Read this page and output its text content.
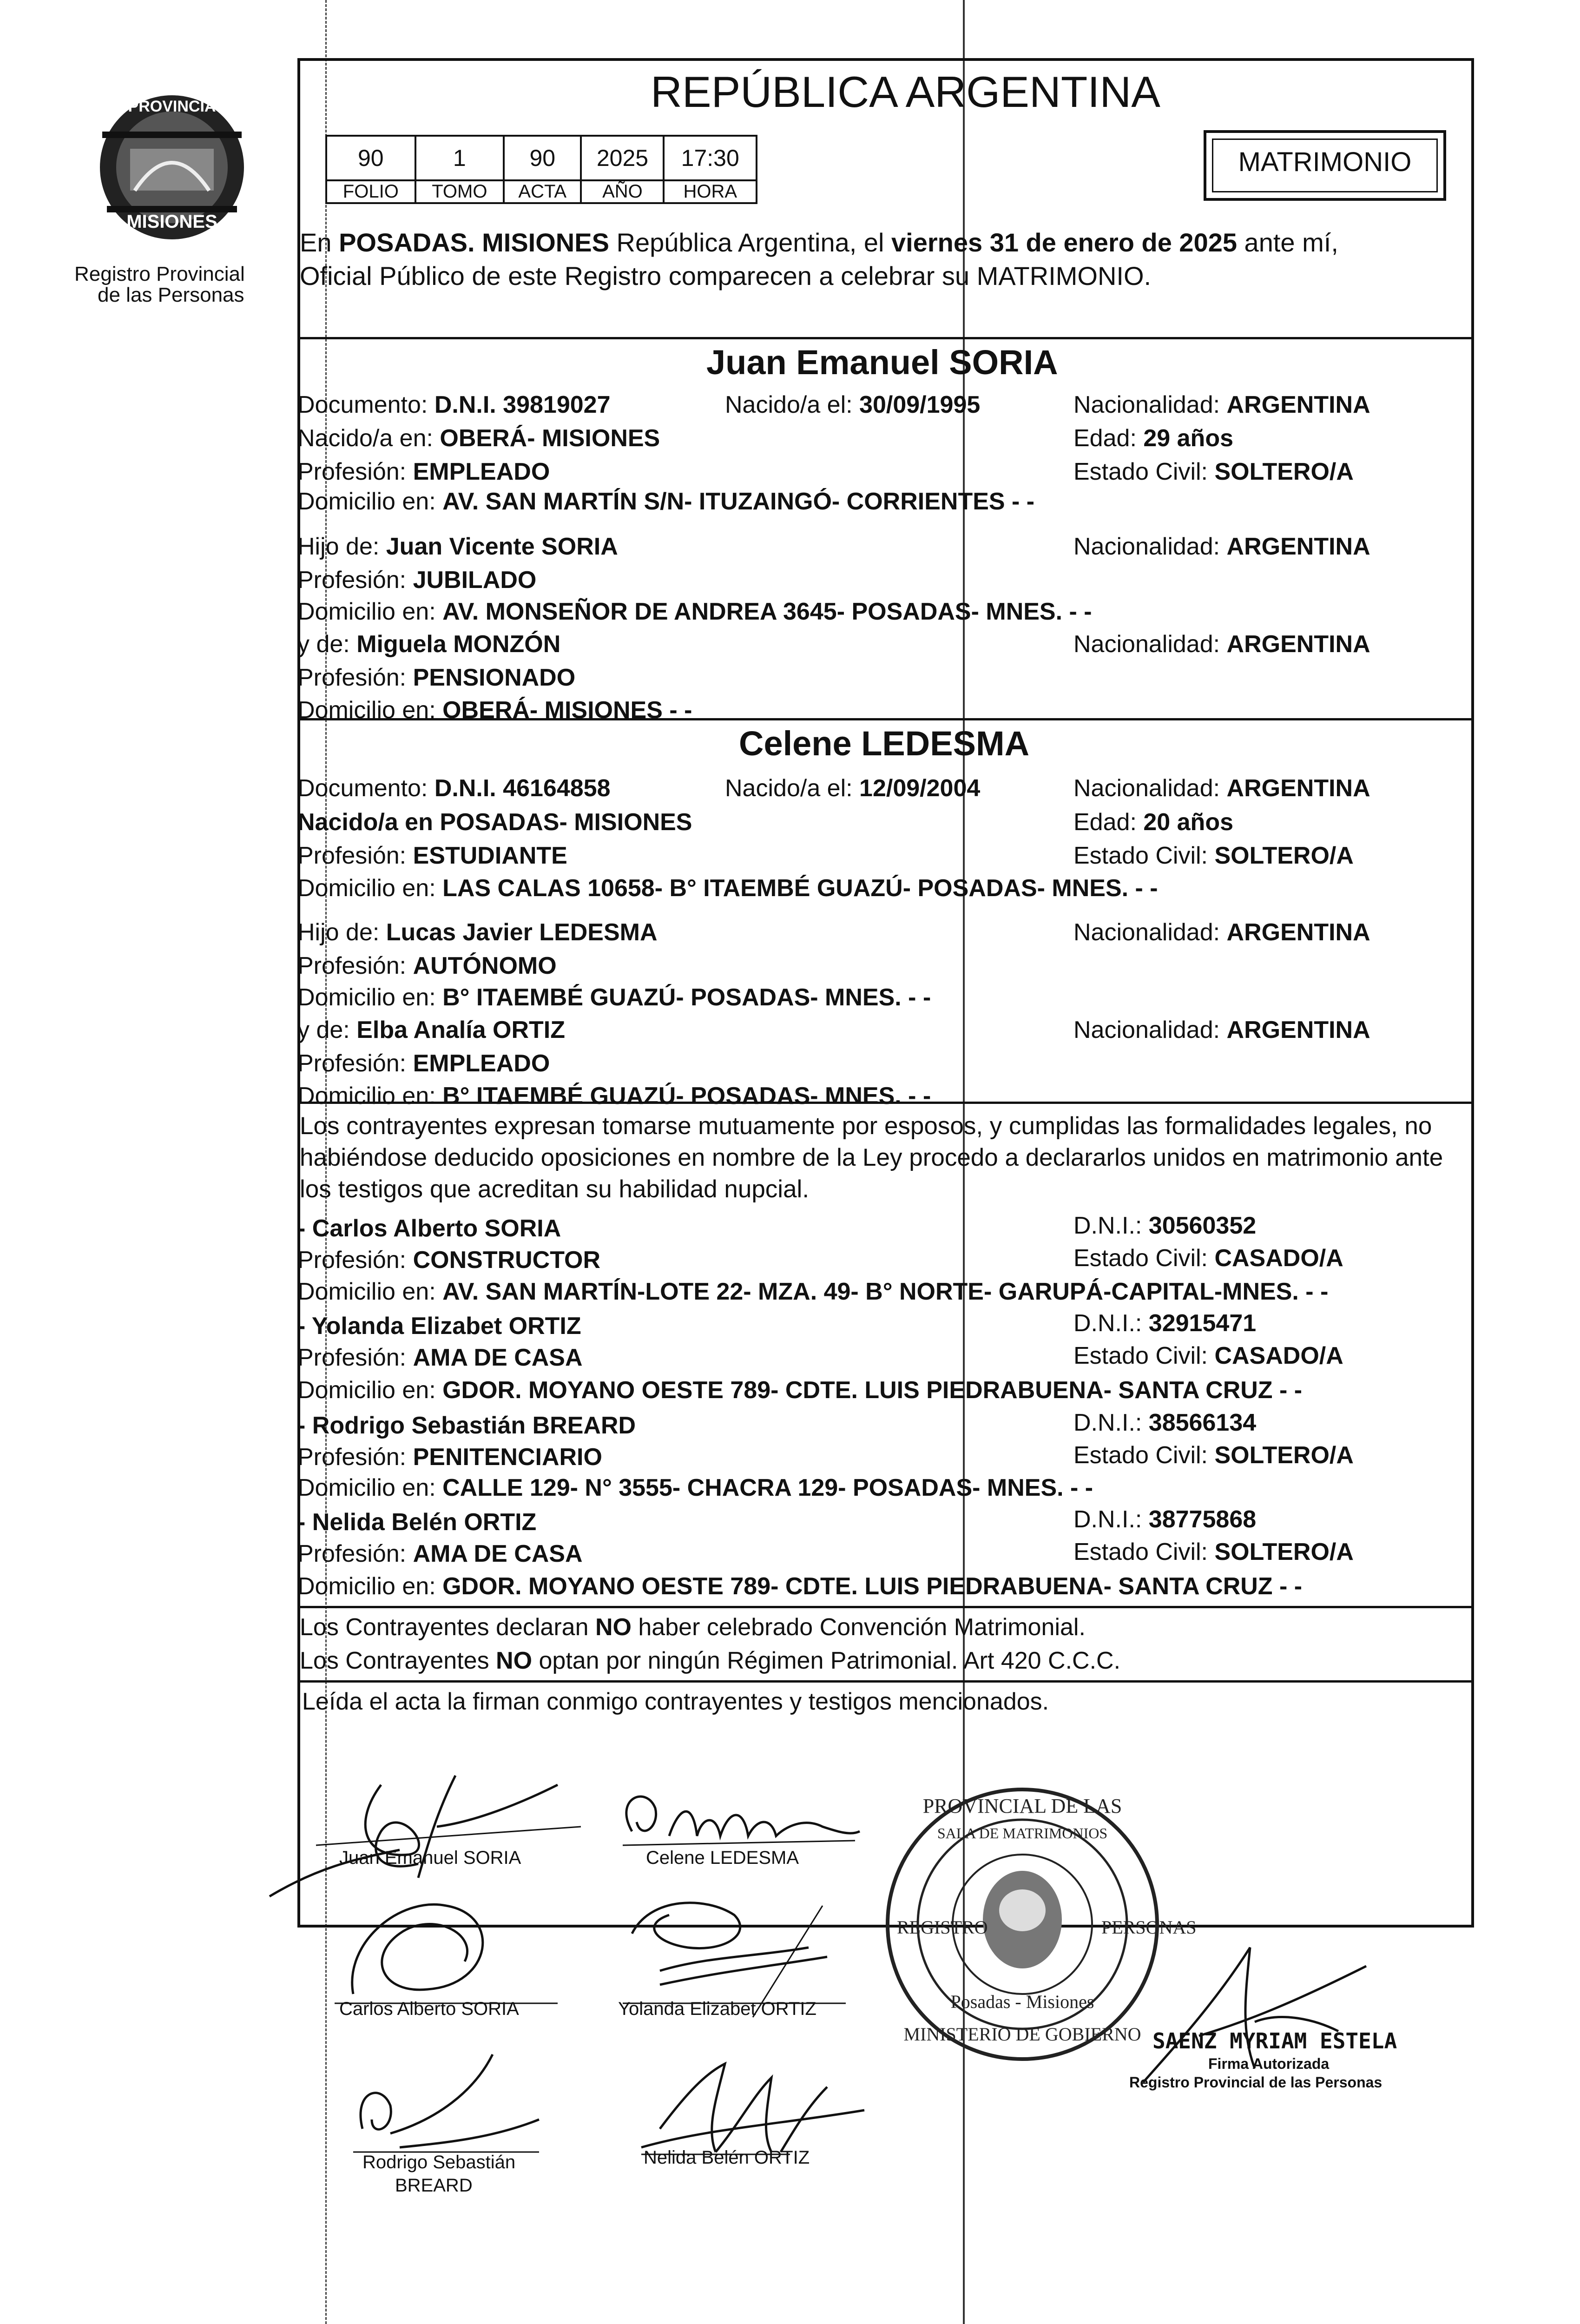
PROVINCIA
MISIONES
Registro Provincial
de las Personas
REPÚBLICA ARGENTINA
90	1	90	2025	17:30
FOLIO	TOMO	ACTA	AÑO	HORA
MATRIMONIO
En POSADAS. MISIONES República Argentina, el viernes 31 de enero de 2025 ante mí,
Oficial Público de este Registro comparecen a celebrar su MATRIMONIO.
Juan Emanuel SORIA
Documento: D.N.I. 39819027	Nacido/a el: 30/09/1995	Nacionalidad: ARGENTINA
Nacido/a en: OBERÁ- MISIONES	Edad: 29 años
Profesión: EMPLEADO	Estado Civil: SOLTERO/A
Domicilio en: AV. SAN MARTÍN S/N- ITUZAINGÓ- CORRIENTES - -
Hijo de: Juan Vicente SORIA	Nacionalidad: ARGENTINA
Profesión: JUBILADO
Domicilio en: AV. MONSEÑOR DE ANDREA 3645- POSADAS- MNES. - -
y de: Miguela MONZÓN	Nacionalidad: ARGENTINA
Profesión: PENSIONADO
Domicilio en: OBERÁ- MISIONES - -
Celene LEDESMA
Documento: D.N.I. 46164858	Nacido/a el: 12/09/2004	Nacionalidad: ARGENTINA
Nacido/a en POSADAS- MISIONES	Edad: 20 años
Profesión: ESTUDIANTE	Estado Civil: SOLTERO/A
Domicilio en: LAS CALAS 10658- B° ITAEMBÉ GUAZÚ- POSADAS- MNES. - -
Hijo de: Lucas Javier LEDESMA	Nacionalidad: ARGENTINA
Profesión: AUTÓNOMO
Domicilio en: B° ITAEMBÉ GUAZÚ- POSADAS- MNES. - -
y de: Elba Analía ORTIZ	Nacionalidad: ARGENTINA
Profesión: EMPLEADO
Domicilio en: B° ITAEMBÉ GUAZÚ- POSADAS- MNES. - -
Los contrayentes expresan tomarse mutuamente por esposos, y cumplidas las formalidades legales, no
habiéndose deducido oposiciones en nombre de la Ley procedo a declararlos unidos en matrimonio ante
los testigos que acreditan su habilidad nupcial.
- Carlos Alberto SORIA	D.N.I.: 30560352
Profesión: CONSTRUCTOR	Estado Civil: CASADO/A
Domicilio en: AV. SAN MARTÍN-LOTE 22- MZA. 49- B° NORTE- GARUPÁ-CAPITAL-MNES. - -
- Yolanda Elizabet ORTIZ	D.N.I.: 32915471
Profesión: AMA DE CASA	Estado Civil: CASADO/A
Domicilio en: GDOR. MOYANO OESTE 789- CDTE. LUIS PIEDRABUENA- SANTA CRUZ - -
- Rodrigo Sebastián BREARD	D.N.I.: 38566134
Profesión: PENITENCIARIO	Estado Civil: SOLTERO/A
Domicilio en: CALLE 129- N° 3555- CHACRA 129- POSADAS- MNES. - -
- Nelida Belén ORTIZ	D.N.I.: 38775868
Profesión: AMA DE CASA	Estado Civil: SOLTERO/A
Domicilio en: GDOR. MOYANO OESTE 789- CDTE. LUIS PIEDRABUENA- SANTA CRUZ - -
Los Contrayentes declaran NO haber celebrado Convención Matrimonial.
Los Contrayentes NO optan por ningún Régimen Patrimonial. Art 420 C.C.C.
Leída el acta la firman conmigo contrayentes y testigos mencionados.
Juan Emanuel SORIA	Celene LEDESMA
Carlos Alberto SORIA	Yolanda Elizabet ORTIZ
Rodrigo Sebastián
BREARD
Nelida Belén ORTIZ
PROVINCIAL DE LAS
SALA DE MATRIMONIOS
MINISTERIO DE GOBIERNO
Posadas - Misiones
REGISTRO	PERSONAS
SAENZ MYRIAM ESTELA
Firma Autorizada
Registro Provincial de las Personas
